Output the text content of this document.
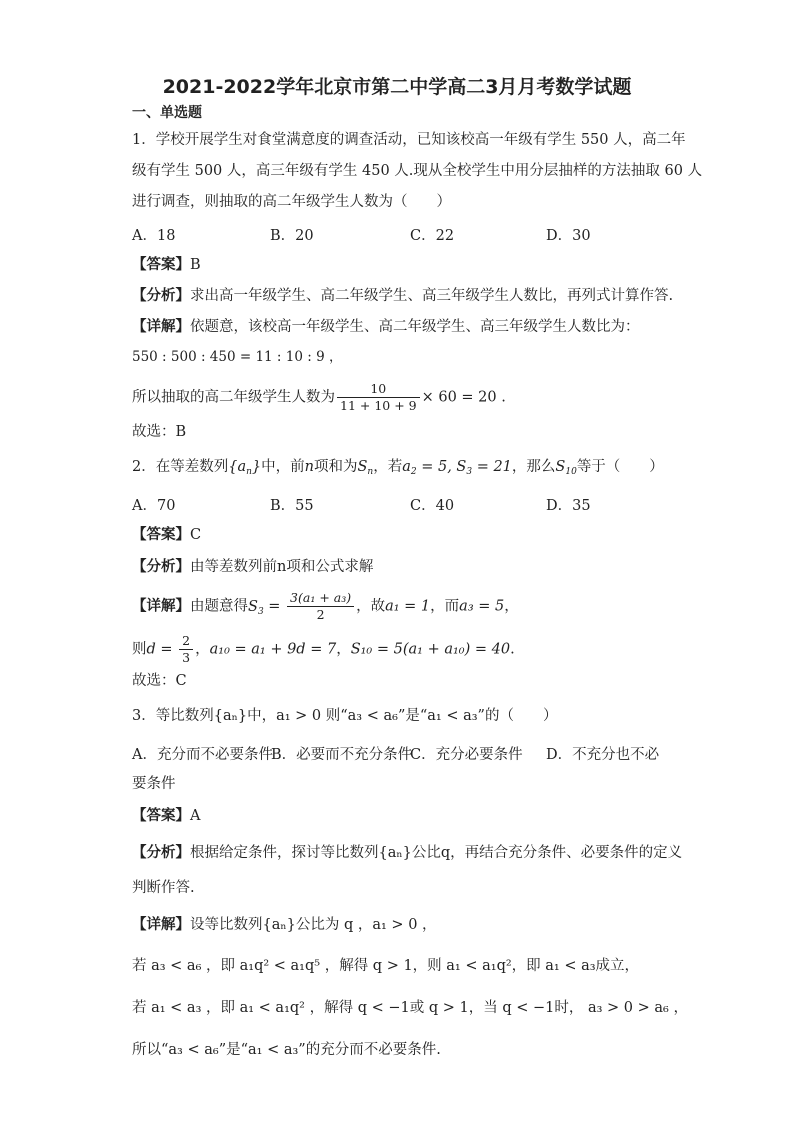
2021-2022学年北京市第二中学高二3月月考数学试题
一、单选题
1．学校开展学生对食堂满意度的调查活动，已知该校高一年级有学生 550 人，高二年
级有学生 500 人，高三年级有学生 450 人.现从全校学生中用分层抽样的方法抽取 60 人
进行调查，则抽取的高二年级学生人数为（　　）
A．18	B．20	C．22	D．30
【答案】B
【分析】求出高一年级学生、高二年级学生、高三年级学生人数比，再列式计算作答.
【详解】依题意，该校高一年级学生、高二年级学生、高三年级学生人数比为：
550 : 500 : 450 = 11 : 10 : 9 ，
所以抽取的高二年级学生人数为 $\frac{10}{11 + 10 + 9} \times 60 = 20$ .
故选：B
2．在等差数列$\{a_n\}$中，前n项和为$S_n$，若$a_2 = 5$, $S_3 = 21$，那么$S_{10}$等于（　　）
A．70	B．55	C．40	D．35
【答案】C
【分析】由等差数列前n项和公式求解
【详解】由题意得$S_3 = \frac{\text{3(a₁ + a₃)}}{2}$ ，故a₁ = 1，而a₃ = 5，
则$d = \frac{2}{3}$ ，a₁₀ = a₁ + 9d = 7，S₁₀ = 5(a₁ + a₁₀) = 40.
故选：C
3．等比数列{aₙ}中，a₁ > 0 则“a₃ < a₆”是“a₁ < a₃”的（　　）
A．充分而不必要条件
B．必要而不充分条件
C．充分必要条件 D．不充分也不必
要条件
【答案】A
【分析】根据给定条件，探讨等比数列{aₙ}公比q，再结合充分条件、必要条件的定义
判断作答.
【详解】设等比数列{aₙ}公比为 q ，a₁ > 0 ，
若 a₃ < a₆ ，即 a₁q² < a₁q⁵ ，解得 q > 1，则 a₁ < a₁q²，即 a₁ < a₃成立，
若 a₁ < a₃ ，即 a₁ < a₁q² ，解得 q < −1或 q > 1，当 q < −1时， a₃ > 0 > a₆ ，
所以“a₃ < a₆”是“a₁ < a₃”的充分而不必要条件.
